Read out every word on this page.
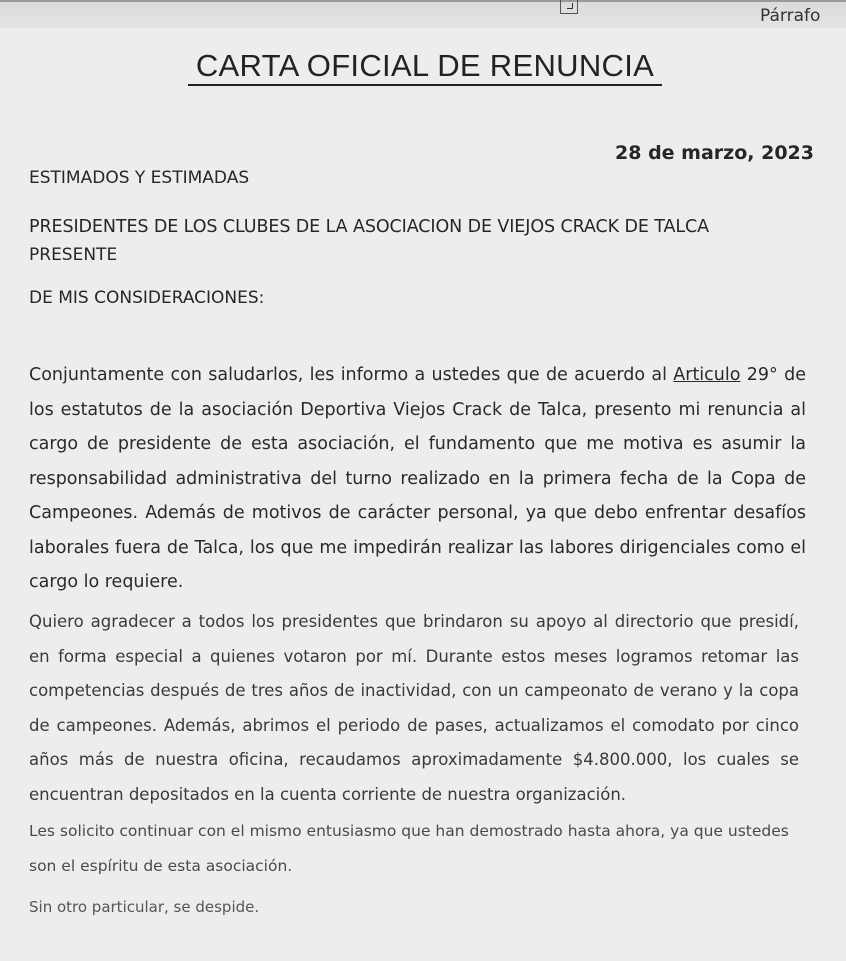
Párrafo
CARTA OFICIAL DE RENUNCIA
28 de marzo, 2023
ESTIMADOS Y ESTIMADAS
PRESIDENTES DE LOS CLUBES DE LA ASOCIACION DE VIEJOS CRACK DE TALCA
PRESENTE
DE MIS CONSIDERACIONES:
Conjuntamente con saludarlos, les informo a ustedes que de acuerdo al Articulo 29° de los estatutos de la asociación Deportiva Viejos Crack de Talca, presento mi renuncia al cargo de presidente de esta asociación, el fundamento que me motiva es asumir la responsabilidad administrativa del turno realizado en la primera fecha de la Copa de Campeones. Además de motivos de carácter personal, ya que debo enfrentar desafíos laborales fuera de Talca, los que me impedirán realizar las labores dirigenciales como el cargo lo requiere.
Quiero agradecer a todos los presidentes que brindaron su apoyo al directorio que presidí, en forma especial a quienes votaron por mí. Durante estos meses logramos retomar las competencias después de tres años de inactividad, con un campeonato de verano y la copa de campeones. Además, abrimos el periodo de pases, actualizamos el comodato por cinco años más de nuestra oficina, recaudamos aproximadamente $4.800.000, los cuales se encuentran depositados en la cuenta corriente de nuestra organización.
Les solicito continuar con el mismo entusiasmo que han demostrado hasta ahora, ya que ustedes son el espíritu de esta asociación.
Sin otro particular, se despide.
